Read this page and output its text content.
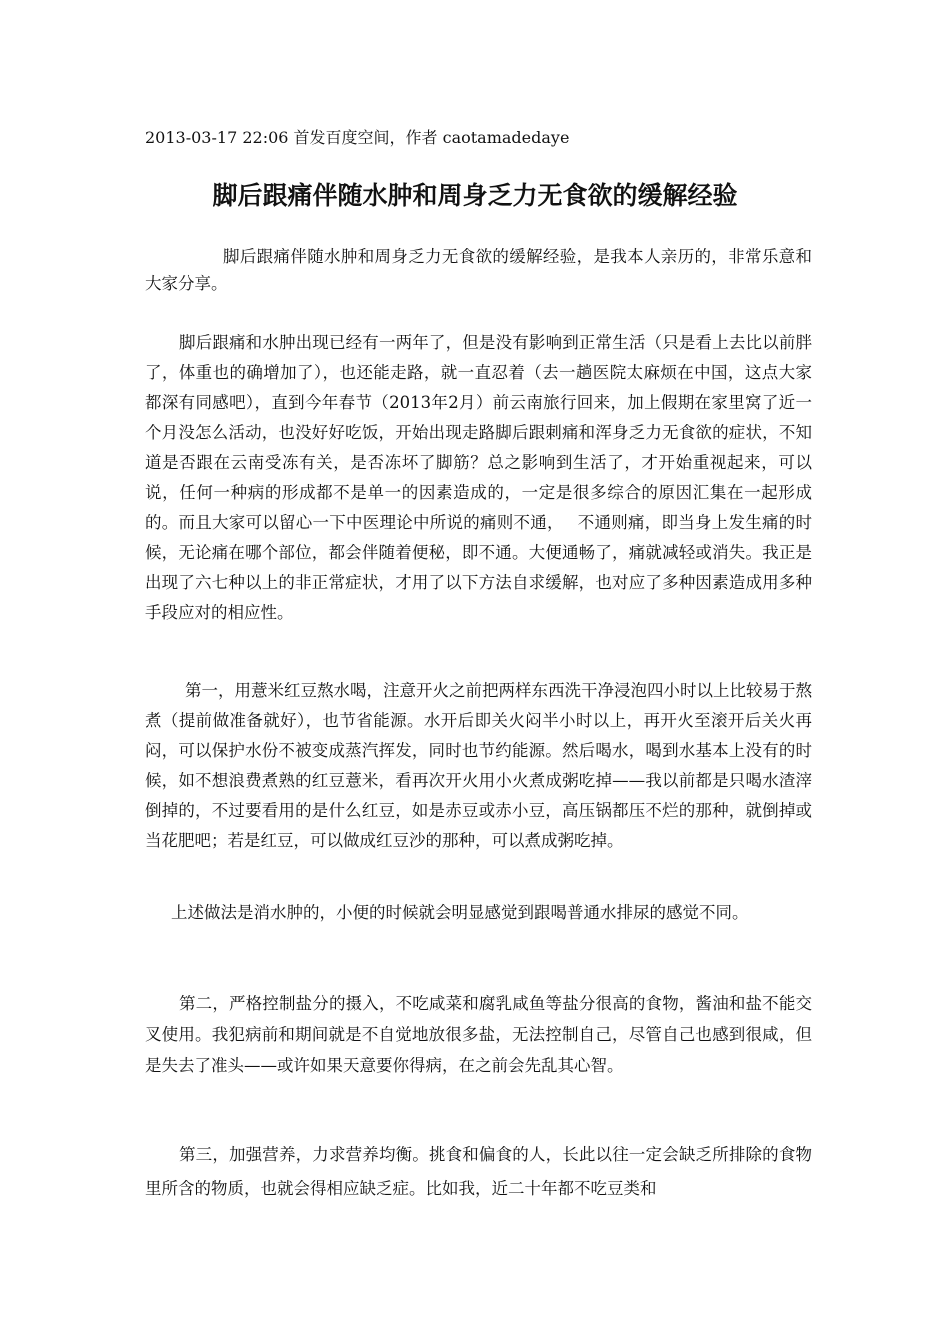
2013-03-17 22:06 首发百度空间，作者 caotamadedaye
脚后跟痛伴随水肿和周身乏力无食欲的缓解经验

脚后跟痛伴随水肿和周身乏力无食欲的缓解经验，是我本人亲历的，非常乐意和大家分享。

脚后跟痛和水肿出现已经有一两年了，但是没有影响到正常生活（只是看上去比以前胖了，体重也的确增加了），也还能走路，就一直忍着（去一趟医院太麻烦在中国，这点大家都深有同感吧），直到今年春节（2013年2月）前云南旅行回来，加上假期在家里窝了近一个月没怎么活动，也没好好吃饭，开始出现走路脚后跟刺痛和浑身乏力无食欲的症状，不知道是否跟在云南受冻有关，是否冻坏了脚筋？总之影响到生活了，才开始重视起来，可以说，任何一种病的形成都不是单一的因素造成的，一定是很多综合的原因汇集在一起形成的。而且大家可以留心一下中医理论中所说的痛则不通，　 不通则痛，即当身上发生痛的时候，无论痛在哪个部位，都会伴随着便秘，即不通。大便通畅了，痛就减轻或消失。我正是出现了六七种以上的非正常症状，才用了以下方法自求缓解，也对应了多种因素造成用多种手段应对的相应性。

第一，用薏米红豆熬水喝，注意开火之前把两样东西洗干净浸泡四小时以上比较易于熬煮（提前做准备就好），也节省能源。水开后即关火闷半小时以上，再开火至滚开后关火再闷，可以保护水份不被变成蒸汽挥发，同时也节约能源。然后喝水，喝到水基本上没有的时候，如不想浪费煮熟的红豆薏米，看再次开火用小火煮成粥吃掉——我以前都是只喝水渣滓倒掉的，不过要看用的是什么红豆，如是赤豆或赤小豆，高压锅都压不烂的那种，就倒掉或当花肥吧；若是红豆，可以做成红豆沙的那种，可以煮成粥吃掉。

上述做法是消水肿的，小便的时候就会明显感觉到跟喝普通水排尿的感觉不同。

第二，严格控制盐分的摄入，不吃咸菜和腐乳咸鱼等盐分很高的食物，酱油和盐不能交叉使用。我犯病前和期间就是不自觉地放很多盐，无法控制自己，尽管自己也感到很咸，但是失去了准头——或许如果天意要你得病，在之前会先乱其心智。

第三，加强营养，力求营养均衡。挑食和偏食的人，长此以往一定会缺乏所排除的食物里所含的物质，也就会得相应缺乏症。比如我，近二十年都不吃豆类和
